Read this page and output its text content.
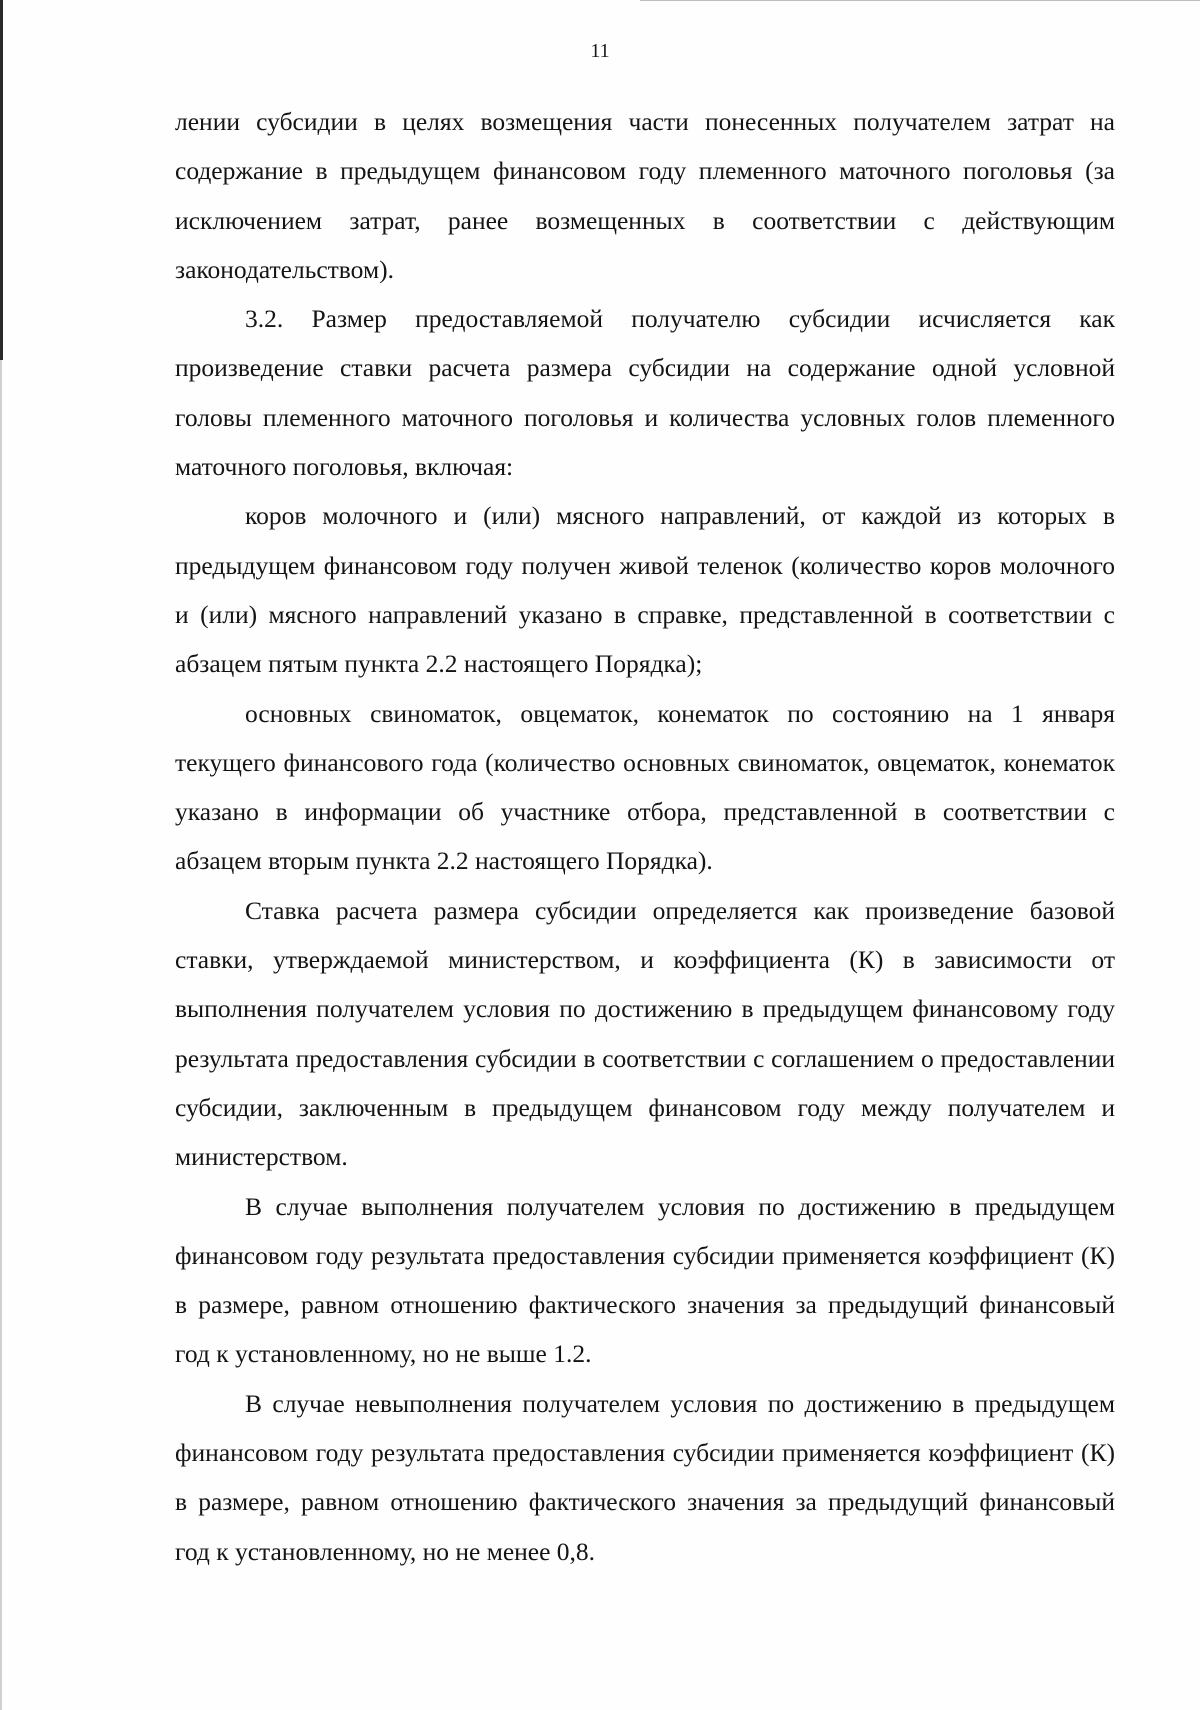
11

лении субсидии в целях возмещения части понесенных получателем затрат на содержание в предыдущем финансовом году племенного маточного поголовья (за исключением затрат, ранее возмещенных в соответствии с действующим законодательством).

3.2. Размер предоставляемой получателю субсидии исчисляется как произведение ставки расчета размера субсидии на содержание одной условной головы племенного маточного поголовья и количества условных голов племенного маточного поголовья, включая:

коров молочного и (или) мясного направлений, от каждой из которых в предыдущем финансовом году получен живой теленок (количество коров молочного и (или) мясного направлений указано в справке, представленной в соответствии с абзацем пятым пункта 2.2 настоящего Порядка);

основных свиноматок, овцематок, конематок по состоянию на 1 января текущего финансового года (количество основных свиноматок, овцематок, конематок указано в информации об участнике отбора, представленной в соответствии с абзацем вторым пункта 2.2 настоящего Порядка).

Ставка расчета размера субсидии определяется как произведение базовой ставки, утверждаемой министерством, и коэффициента (К) в зависимости от выполнения получателем условия по достижению в предыдущем финансовому году результата предоставления субсидии в соответствии с соглашением о предоставлении субсидии, заключенным в предыдущем финансовом году между получателем и министерством.

В случае выполнения получателем условия по достижению в предыдущем финансовом году результата предоставления субсидии применяется коэффициент (К) в размере, равном отношению фактического значения за предыдущий финансовый год к установленному, но не выше 1.2.

В случае невыполнения получателем условия по достижению в предыдущем финансовом году результата предоставления субсидии применяется коэффициент (К) в размере, равном отношению фактического значения за предыдущий финансовый год к установленному, но не менее 0,8.
